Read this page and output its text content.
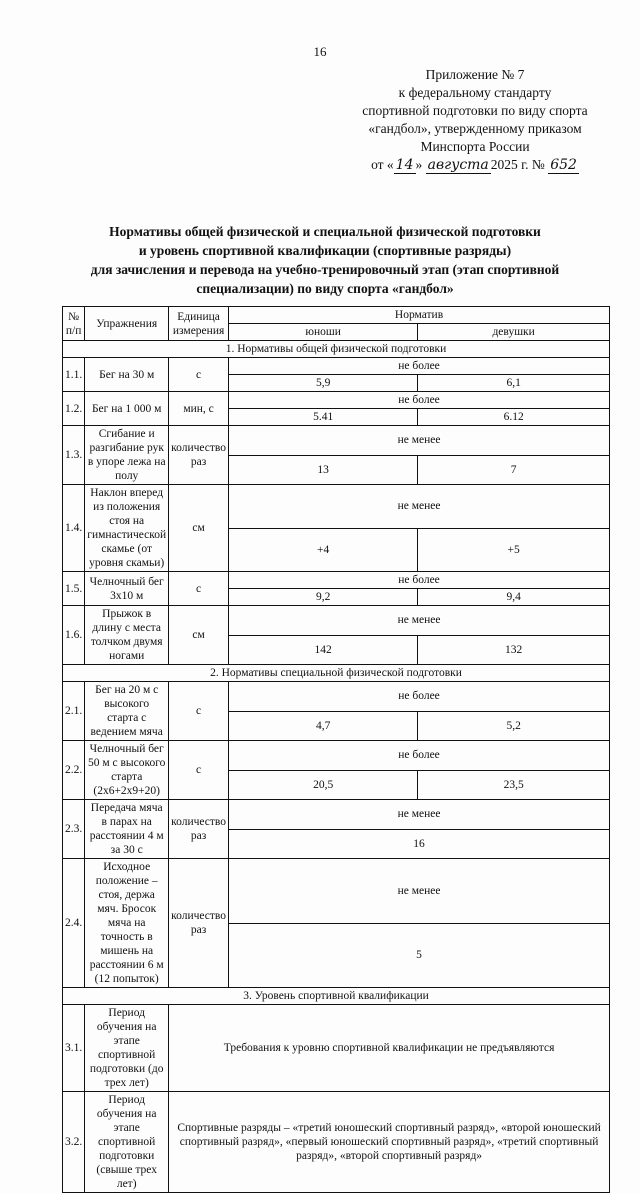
16
Приложение № 7
к федеральному стандарту
спортивной подготовки по виду спорта
«гандбол», утвержденному приказом
Минспорта России
от « 14 » августа 2025 г. № 652
Нормативы общей физической и специальной физической подготовки
и уровень спортивной квалификации (спортивные разряды)
для зачисления и перевода на учебно-тренировочный этап (этап спортивной
специализации) по виду спорта «гандбол»
№ п/п	Упражнения	Единица измерения	Норматив	
			юноши	девушки
1. Нормативы общей физической подготовки				
1.1.	Бег на 30 м	с	не более	
			5,9	6,1
1.2.	Бег на 1 000 м	мин, с	не более	
			5.41	6.12
1.3.	Сгибание и разгибание рук в упоре лежа на полу	количество раз	не менее	
			13	7
1.4.	Наклон вперед из положения стоя на гимнастической скамье (от уровня скамьи)	см	не менее	
			+4	+5
1.5.	Челночный бег 3х10 м	с	не более	
			9,2	9,4
1.6.	Прыжок в длину с места толчком двумя ногами	см	не менее	
			142	132
2. Нормативы специальной физической подготовки				
2.1.	Бег на 20 м с высокого старта с ведением мяча	с	не более	
			4,7	5,2
2.2.	Челночный бег 50 м с высокого старта (2х6+2х9+20)	с	не более	
			20,5	23,5
2.3.	Передача мяча в парах на расстоянии 4 м за 30 с	количество раз	не менее	
			16	
2.4.	Исходное положение – стоя, держа мяч. Бросок мяча на точность в мишень на расстоянии 6 м (12 попыток)	количество раз	не менее	
			5	
3. Уровень спортивной квалификации				
3.1.	Период обучения на этапе спортивной подготовки (до трех лет)	Требования к уровню спортивной квалификации не предъявляются		
3.2.	Период обучения на этапе спортивной подготовки (свыше трех лет)	Спортивные разряды – «третий юношеский спортивный разряд», «второй юношеский спортивный разряд», «первый юношеский спортивный разряд», «третий спортивный разряд», «второй спортивный разряд»		
